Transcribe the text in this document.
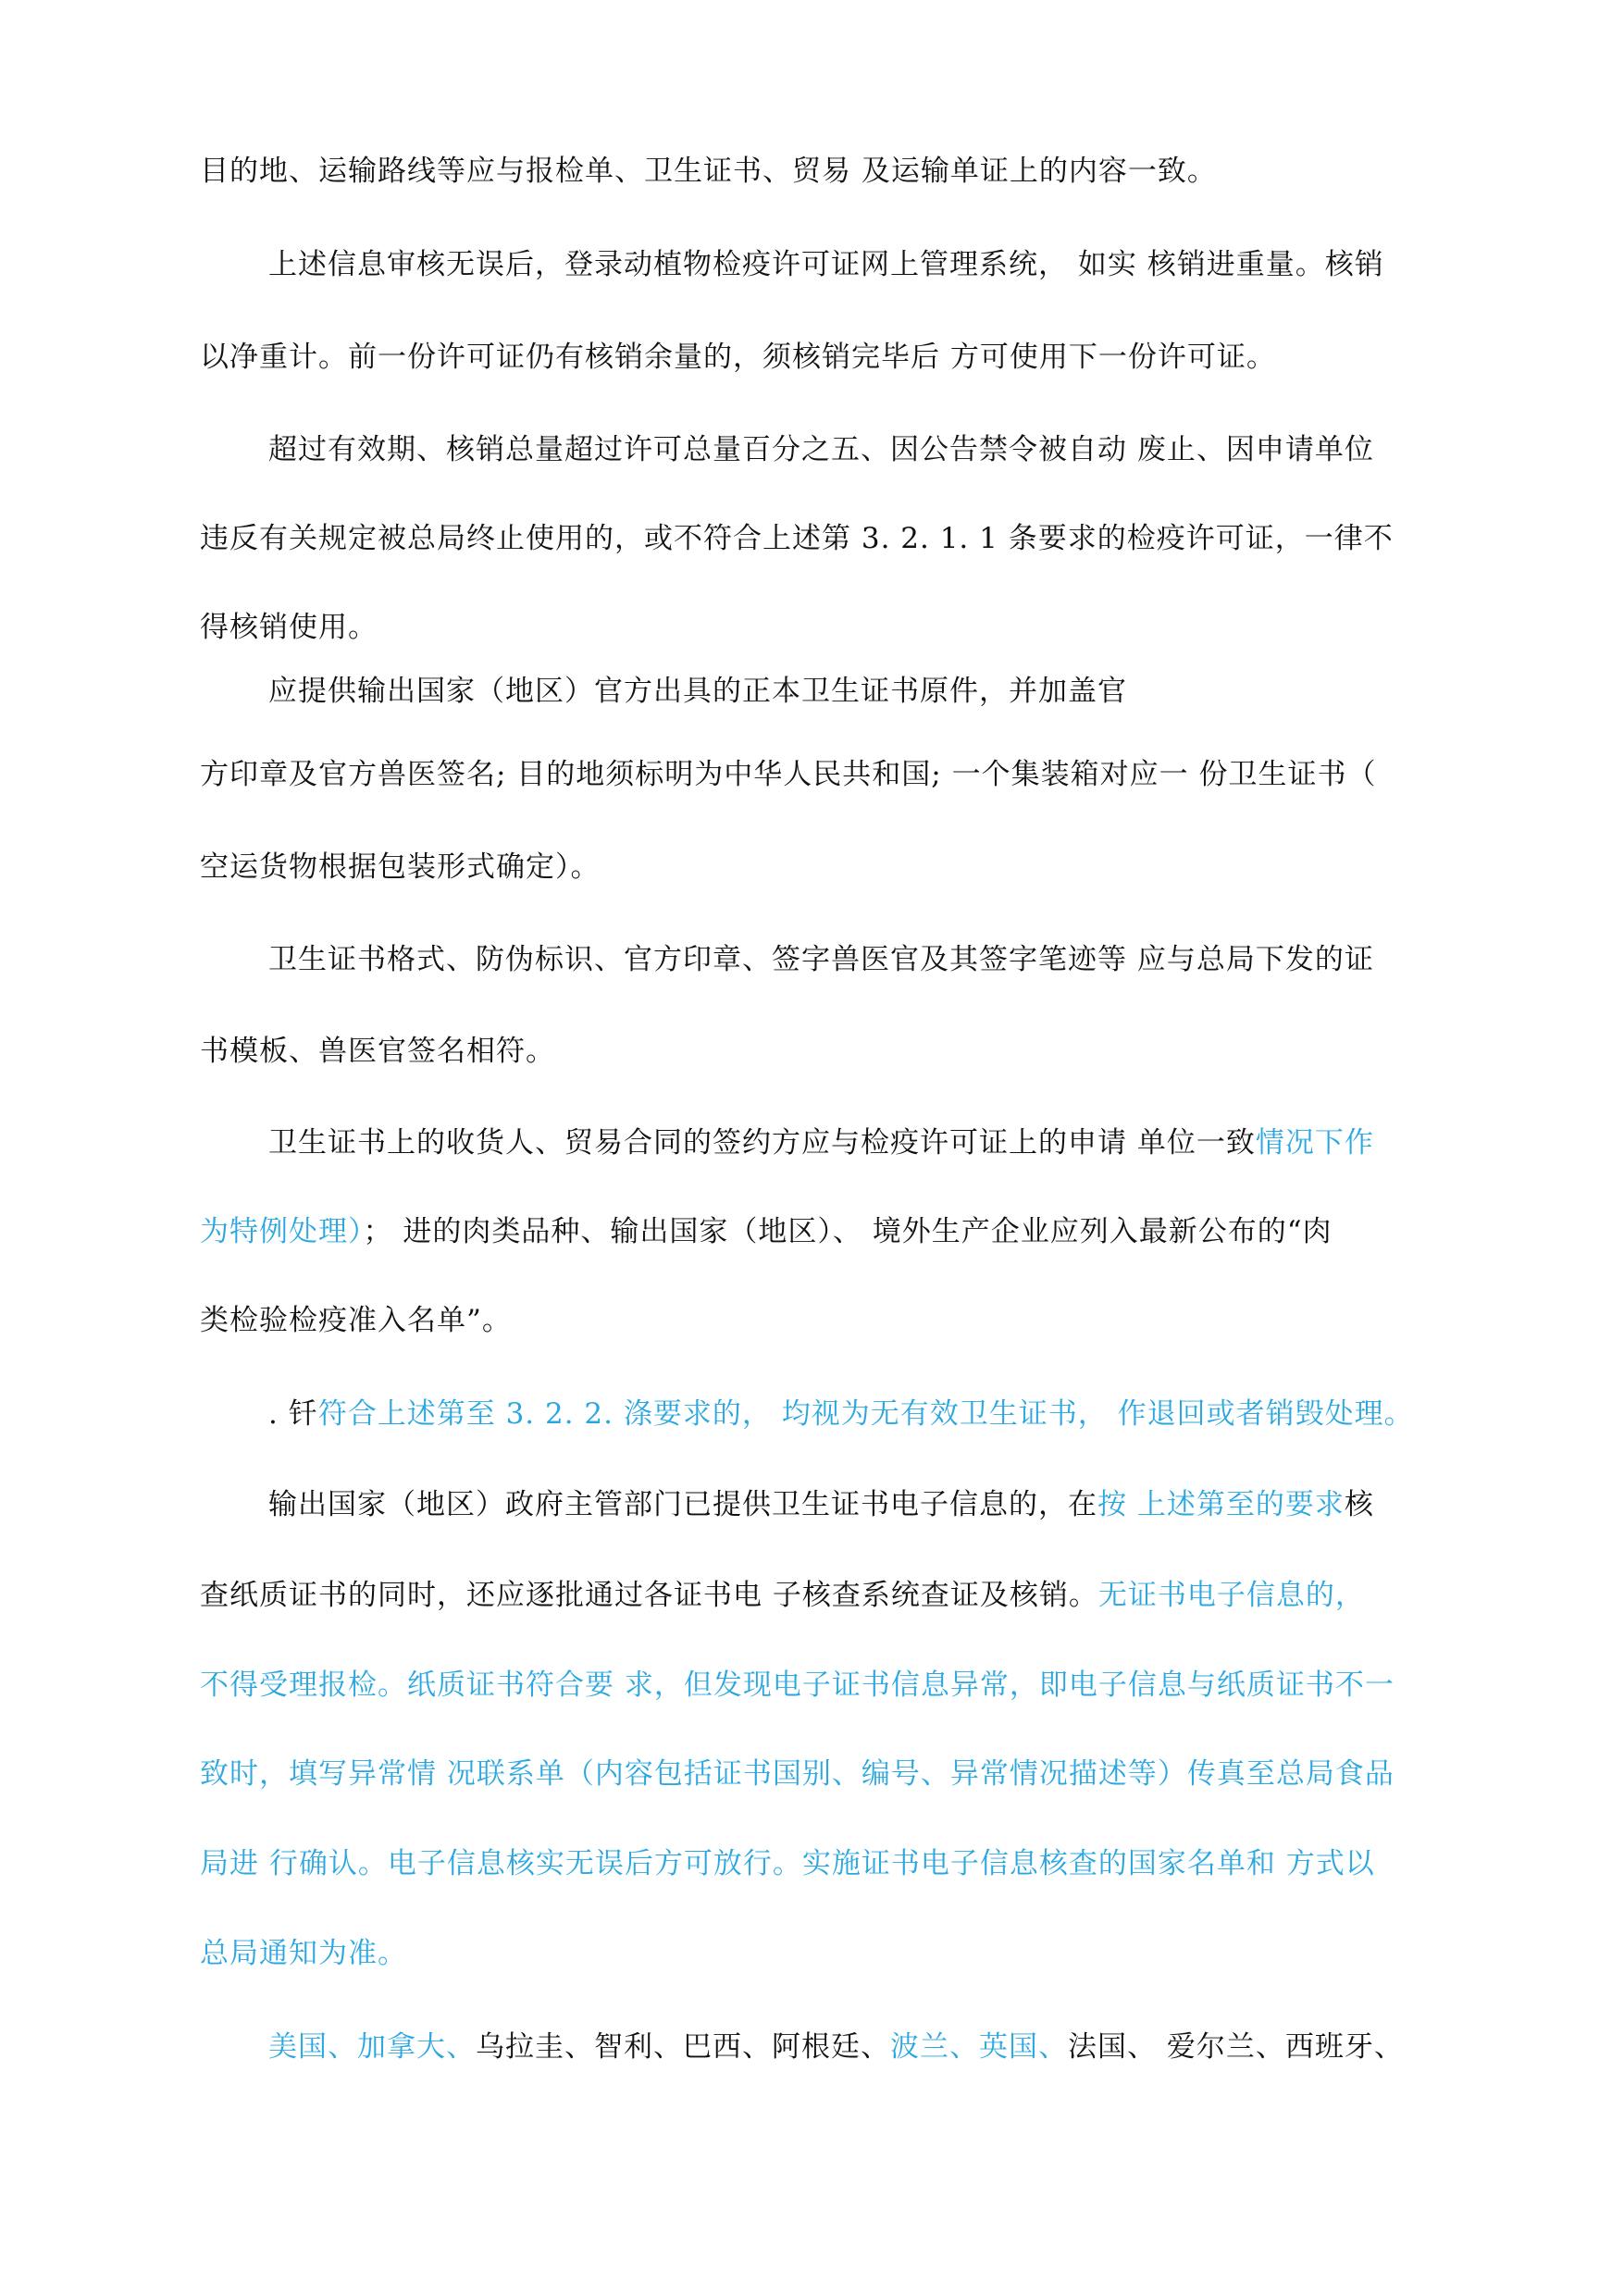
目的地、运输路线等应与报检单、卫生证书、贸易 及运输单证上的内容一致。
上述信息审核无误后，登录动植物检疫许可证网上管理系统， 如实 核销进重量。核销
以净重计。前一份许可证仍有核销余量的，须核销完毕后 方可使用下一份许可证。
超过有效期、核销总量超过许可总量百分之五、因公告禁令被自动 废止、因申请单位
违反有关规定被总局终止使用的，或不符合上述第 3. 2. 1. 1 条要求的检疫许可证，一律不
得核销使用。
应提供输出国家（地区）官方出具的正本卫生证书原件，并加盖官
方印章及官方兽医签名; 目的地须标明为中华人民共和国; 一个集装箱对应一 份卫生证书（
空运货物根据包装形式确定）。
卫生证书格式、防伪标识、官方印章、签字兽医官及其签字笔迹等 应与总局下发的证
书模板、兽医官签名相符。
卫生证书上的收货人、贸易合同的签约方应与检疫许可证上的申请 单位一致情况下作
为特例处理）； 进的肉类品种、输出国家（地区）、 境外生产企业应列入最新公布的“肉
类检验检疫准入名单”。
. 钎符合上述第至 3. 2. 2. 涤要求的， 均视为无有效卫生证书， 作退回或者销毁处理。
输出国家（地区）政府主管部门已提供卫生证书电子信息的，在按 上述第至的要求核
查纸质证书的同时，还应逐批通过各证书电 子核查系统查证及核销。无证书电子信息的，
不得受理报检。纸质证书符合要 求，但发现电子证书信息异常，即电子信息与纸质证书不一
致时，填写异常情 况联系单（内容包括证书国别、编号、异常情况描述等）传真至总局食品
局进 行确认。电子信息核实无误后方可放行。实施证书电子信息核查的国家名单和 方式以
总局通知为准。
美国、加拿大、乌拉圭、智利、巴西、阿根廷、波兰、英国、法国、 爱尔兰、西班牙、
